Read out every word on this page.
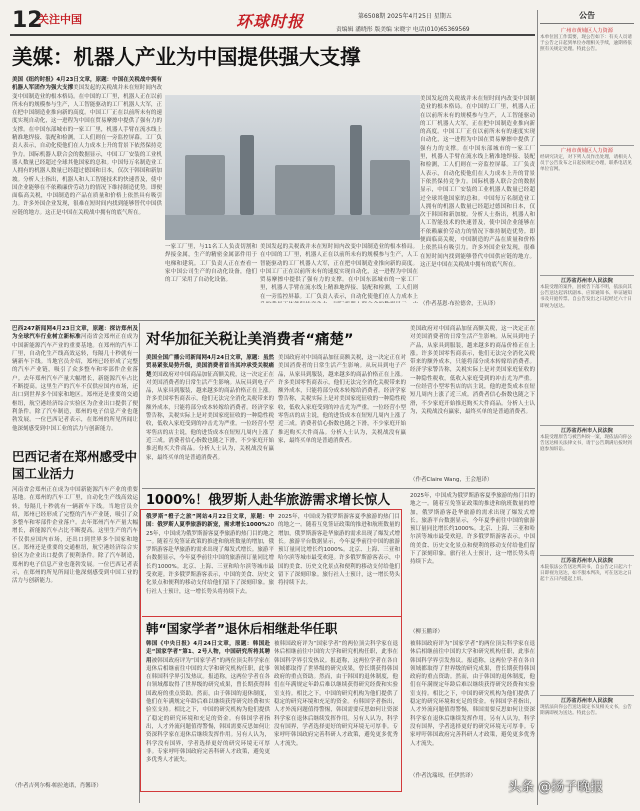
12
关注中国	环球时报	第6508期 2025年4月25日 星期五
责编辑 潘晓彤 版美编 宋晓宇 电话(010)65369569
美媒：机器人产业为中国提供强大支撑
美国《纽约时报》4月23日文章，原题：中国在关税战中拥有机器人军团作为强大支撑美国发起的关税战并未在短时间内改变中国制造业的根本格局。在中国的工厂里，机器人正在以前所未有的规模参与生产，人工智能驱动的工厂机器人大军，正在把中国制造业推向新的高度。中国工厂正在以前所未有的速度实现自动化，这一进程为中国在贸易摩擦中提供了强有力的支撑。在中国东部城市的一家工厂里，机器人手臂在流水线上精准地焊接、装配和检测，工人们则在一旁监控屏幕。工厂负责人表示，自动化使他们在人力成本上升的背景下依然保持竞争力。国际机器人联合会的数据显示，中国工厂安装的工业机器人数量已经超过全球其他国家的总和。中国每万名制造业工人拥有的机器人数量已经超过德国和日本，仅次于韩国和新加坡。分析人士指出，机器人和人工智能技术的快速普及，使中国企业能够在不依赖廉价劳动力的情况下维持制造优势。即便面临高关税，中国制造的产品在质量和价格上依然具有吸引力。许多外国企业发现，很难在短时间内找到能够替代中国供应链的地方。这正是中国在关税战中拥有的底气所在。
美国发起的关税战并未在短时间内改变中国制造业的根本格局。在中国的工厂里，机器人正在以前所未有的规模参与生产，人工智能驱动的工厂机器人大军，正在把中国制造业推向新的高度。中国工厂正在以前所未有的速度实现自动化，这一进程为中国在贸易摩擦中提供了强有力的支撑。在中国东部城市的一家工厂里，机器人手臂在流水线上精准地焊接、装配和检测，工人们则在一旁监控屏幕。工厂负责人表示，自动化使他们在人力成本上升的背景下依然保持竞争力。国际机器人联合会的数据显示，中国工厂安装的工业机器人数量已经超过全球其他国家的总和。中国每万名制造业工人拥有的机器人数量已经超过德国和日本，仅次于韩国和新加坡。分析人士指出，机器人和人工智能技术的快速普及，使中国企业能够在不依赖廉价劳动力的情况下维持制造优势。即便面临高关税，中国制造的产品在质量和价格上依然具有吸引力。许多外国企业发现，很难在短时间内找到能够替代中国供应链的地方。这正是中国在关税战中拥有的底气所在。
一家工厂里，与11名工人负责切割和焊接金属，生产的精密金属部件用于电梯和建筑。工厂负责人正在查看一家中国公司生产的自动化设备，他们的工厂采用了自动化设备。
美国发起的关税战并未在短时间内改变中国制造业的根本格局。在中国的工厂里，机器人正在以前所未有的规模参与生产，人工智能驱动的工厂机器人大军，正在把中国制造业推向新的高度。中国工厂正在以前所未有的速度实现自动化，这一进程为中国在贸易摩擦中提供了强有力的支撑。在中国东部城市的一家工厂里，机器人手臂在流水线上精准地焊接、装配和检测，工人们则在一旁监控屏幕。工厂负责人表示，自动化使他们在人力成本上
（作者基恩·布拉德舍，王从译）
巴西247新闻网4月23日文章，原题：探访郑州及为全球汽车行业树立新标准河南省会郑州正在成为中国新能源汽车产业的重要基地。在郑州的汽车工厂里，自动化生产线高效运转，每隔几十秒就有一辆新车下线。当地官员介绍，郑州已经形成了完整的汽车产业链，吸引了众多整车和零部件企业落户。去年郑州汽车产量大幅增长，新能源汽车占比不断提高。这里生产的汽车不仅供应国内市场，还出口到世界多个国家和地区。郑州还是重要的交通枢纽，航空港经济综合实验区为企业出口提供了便利条件。除了汽车制造，郑州的电子信息产业也蓬勃发展。一位巴西记者表示，在郑州的所见所闻让他深刻感受到中国工业的活力与创新能力。
巴西记者在郑州感受中国工业活力
河南省会郑州正在成为中国新能源汽车产业的重要基地。在郑州的汽车工厂里，自动化生产线高效运转，每隔几十秒就有一辆新车下线。当地官员介绍，郑州已经形成了完整的汽车产业链，吸引了众多整车和零部件企业落户。去年郑州汽车产量大幅增长，新能源汽车占比不断提高。这里生产的汽车不仅供应国内市场，还出口到世界多个国家和地区。郑州还是重要的交通枢纽，航空港经济综合实验区为企业出口提供了便利条件。除了汽车制造，郑州的电子信息产业也蓬勃发展。一位巴西记者表示，在郑州的所见所闻让他深刻感受到中国工业的活力与创新能力。
（作者吉列尔梅·帕拉迪诺，肖馨译）
对华加征关税让美消费者“痛楚”
美国全国广播公司新闻网4月24日文章，原题：虽然贸易紧张局势升级，美国消费者首当其冲承受关税痛楚美国政府对中国商品加征高额关税，这一决定正在对美国消费者的日常生活产生影响。从玩具到电子产品，从家具到服装，越来越多的商品价格正在上涨。许多美国零售商表示，他们无法完全消化关税带来的额外成本，只能将部分成本转嫁给消费者。经济学家警告称，关税实际上是对美国家庭征收的一种隐性税收，低收入家庭受到的冲击尤为严重。一位经营小型零售店的店主说，他的进货成本在短短几周内上涨了近三成。消费者信心指数也随之下滑，不少家庭开始推迟购买大件商品。分析人士认为，关税战没有赢家，最终买单的是普通消费者。
美国政府对中国商品加征高额关税，这一决定正在对美国消费者的日常生活产生影响。从玩具到电子产品，从家具到服装，越来越多的商品价格正在上涨。许多美国零售商表示，他们无法完全消化关税带来的额外成本，只能将部分成本转嫁给消费者。经济学家警告称，关税实际上是对美国家庭征收的一种隐性税收，低收入家庭受到的冲击尤为严重。一位经营小型零售店的店主说，他的进货成本在短短几周内上涨了近三成。消费者信心指数也随之下滑，不少家庭开始推迟购买大件商品。分析人士认为，关税战没有赢家，最终买单的是普通消费者。
美国政府对中国商品加征高额关税，这一决定正在对美国消费者的日常生活产生影响。从玩具到电子产品，从家具到服装，越来越多的商品价格正在上涨。许多美国零售商表示，他们无法完全消化关税带来的额外成本，只能将部分成本转嫁给消费者。经济学家警告称，关税实际上是对美国家庭征收的一种隐性税收，低收入家庭受到的冲击尤为严重。一位经营小型零售店的店主说，他的进货成本在短短几周内上涨了近三成。消费者信心指数也随之下滑，不少家庭开始推迟购买大件商品。分析人士认为，关税战没有赢家，最终买单的是普通消费者。
（作者Claire Wang，王会旭译）
1000%！俄罗斯人赴华旅游需求增长惊人
俄罗斯“橙子之旅”网站4月22日文章，原题：中国：俄罗斯人夏季旅游的新宠，需求增长1000%2025年，中国成为俄罗斯游客夏季旅游的热门目的地之一。随着互免签证政策的推进和航班数量的增加，俄罗斯游客赴华旅游的需求出现了爆发式增长。旅游平台数据显示，今年夏季前往中国的旅游预订量同比增长约1000%。北京、上海、三亚和哈尔滨等城市最受欢迎。许多俄罗斯游客表示，中国的美食、历史文化景点和便利的移动支付给他们留下了深刻印象。旅行社人士预计，这一增长势头将持续下去。
2025年，中国成为俄罗斯游客夏季旅游的热门目的地之一。随着互免签证政策的推进和航班数量的增加，俄罗斯游客赴华旅游的需求出现了爆发式增长。旅游平台数据显示，今年夏季前往中国的旅游预订量同比增长约1000%。北京、上海、三亚和哈尔滨等城市最受欢迎。许多俄罗斯游客表示，中国的美食、历史文化景点和便利的移动支付给他们留下了深刻印象。旅行社人士预计，这一增长势头将持续下去。
2025年，中国成为俄罗斯游客夏季旅游的热门目的地之一。随着互免签证政策的推进和航班数量的增加，俄罗斯游客赴华旅游的需求出现了爆发式增长。旅游平台数据显示，今年夏季前往中国的旅游预订量同比增长约1000%。北京、上海、三亚和哈尔滨等城市最受欢迎。许多俄罗斯游客表示，中国的美食、历史文化景点和便利的移动支付给他们留下了深刻印象。旅行社人士预计，这一增长势头将持续下去。
（柳玉鹏译）
韩“国家学者”退休后相继赴华任职
韩国《中央日报》4月24日文章，原题：韩国赴走“国家学者”第1、2号人物，中国研究所将其聘用被韩国政府评为“国家学者”的两位顶尖科学家在退休后相继前往中国的大学和研究机构任职，此事在韩国科学界引发热议。报道称，这两位学者在各自领域都取得了世界级的研究成果，曾长期获得韩国政府的重点资助。然而，由于韩国的退休制度，他们在年满规定年龄后难以继续获得研究经费和实验室支持。相比之下，中国的研究机构为他们提供了稳定的研究环境和充足的资金。有韩国学者指出，人才外流问题值得警惕，韩国需要反思如何让资深科学家在退休后继续发挥作用。另有人认为，科学没有国界，学者选择更好的研究环境无可厚非。专家呼吁韩国政府完善科研人才政策，避免更多优秀人才流失。
被韩国政府评为“国家学者”的两位顶尖科学家在退休后相继前往中国的大学和研究机构任职，此事在韩国科学界引发热议。报道称，这两位学者在各自领域都取得了世界级的研究成果，曾长期获得韩国政府的重点资助。然而，由于韩国的退休制度，他们在年满规定年龄后难以继续获得研究经费和实验室支持。相比之下，中国的研究机构为他们提供了稳定的研究环境和充足的资金。有韩国学者指出，人才外流问题值得警惕，韩国需要反思如何让资深科学家在退休后继续发挥作用。另有人认为，科学没有国界，学者选择更好的研究环境无可厚非。专家呼吁韩国政府完善科研人才政策，避免更多优秀人才流失。
被韩国政府评为“国家学者”的两位顶尖科学家在退休后相继前往中国的大学和研究机构任职，此事在韩国科学界引发热议。报道称，这两位学者在各自领域都取得了世界级的研究成果，曾长期获得韩国政府的重点资助。然而，由于韩国的退休制度，他们在年满规定年龄后难以继续获得研究经费和实验室支持。相比之下，中国的研究机构为他们提供了稳定的研究环境和充足的资金。有韩国学者指出，人才外流问题值得警惕，韩国需要反思如何让资深科学家在退休后继续发挥作用。另有人认为，科学没有国界，学者选择更好的研究环境无可厚非。专家呼吁韩国政府完善科研人才政策，避免更多优秀人才流失。
（作者沈瑞琼，任伊然译）
公告
广州市黄埔区人力资源
本单位因工作需要，现公告如下：有关人员请于公告之日起到单位办理相关手续，逾期将依照有关规定处理。特此公告。
广州市黄埔区人力资源
经研究决定，对下列人员作出处理，请相关人员于公告发布之日起按规定办理，联系电话见单位官网。
江苏省苏州市人民法院
本院受理的案件，因被告下落不明，依法向其公告送达起诉状副本、应诉通知书、举证通知书及开庭传票。自公告发出之日起经过六十日即视为送达。
江苏省苏州市人民法院
本院受理原告与被告纠纷一案，现依法向你公告送达相关法律文书，请于公告期满后按时到庭参加诉讼。
江苏省苏州市人民法院
本院依法公告送达判决书，自公告之日起六十日即视为送达，如不服本判决，可在送达之日起十五日内提起上诉。
江苏省苏州市人民法院
现依法向你公告送达裁定书及相关文书，公告期满即视为送达。特此公告。
头条 @扬子晚报
